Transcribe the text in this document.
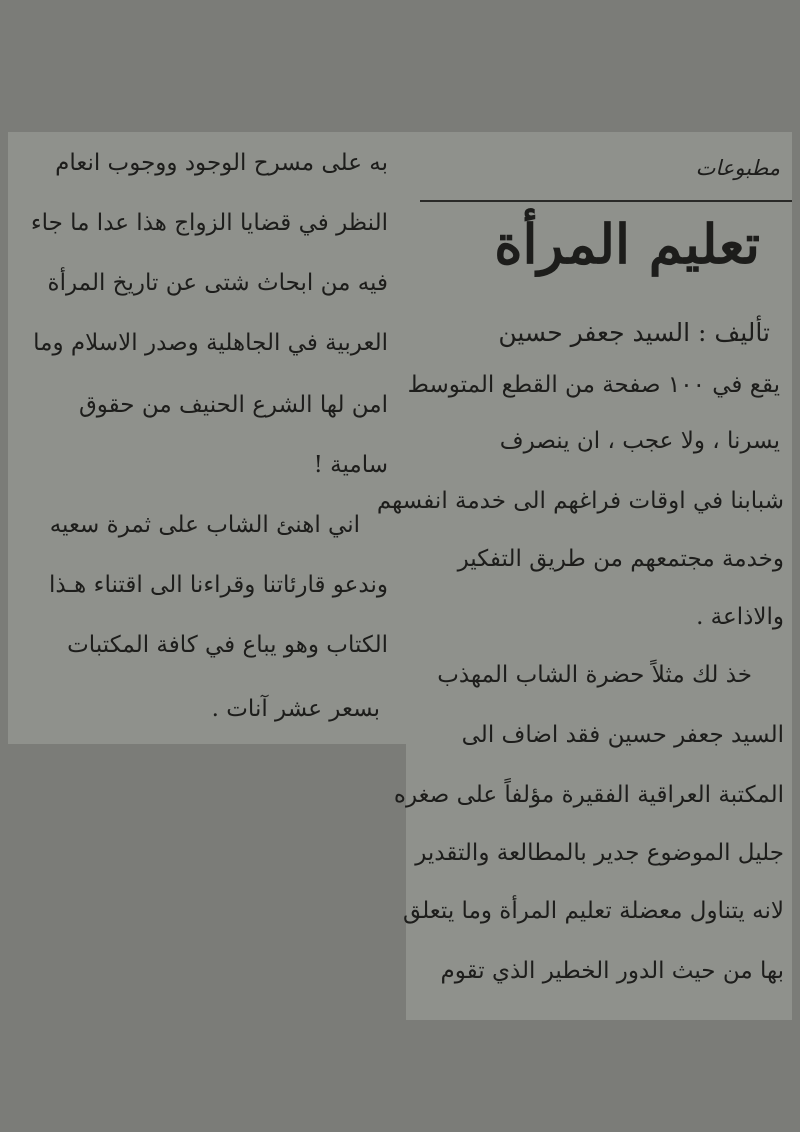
مطبوعات
تعليم المرأة
تأليف : السيد جعفر حسين
يقع في ١٠٠ صفحة من القطع المتوسط
يسرنا ، ولا عجب ، ان ينصرف
شبابنا في اوقات فراغهم الى خدمة انفسهم
وخدمة مجتمعهم من طريق التفكير
والاذاعة .
خذ لك مثلاً حضرة الشاب المهذب
السيد جعفر حسين فقد اضاف الى
المكتبة العراقية الفقيرة مؤلفاً على صغره
جليل الموضوع جدير بالمطالعة والتقدير
لانه يتناول معضلة تعليم المرأة وما يتعلق
بها من حيث الدور الخطير الذي تقوم
به على مسرح الوجود ووجوب انعام
النظر في قضايا الزواج هذا عدا ما جاء
فيه من ابحاث شتى عن تاريخ المرأة
العربية في الجاهلية وصدر الاسلام وما
امن لها الشرع الحنيف من حقوق
سامية !
اني اهنئ الشاب على ثمرة سعيه
وندعو قارئاتنا وقراءنا الى اقتناء هـذا
الكتاب وهو يباع في كافة المكتبات
بسعر عشر آنات .
